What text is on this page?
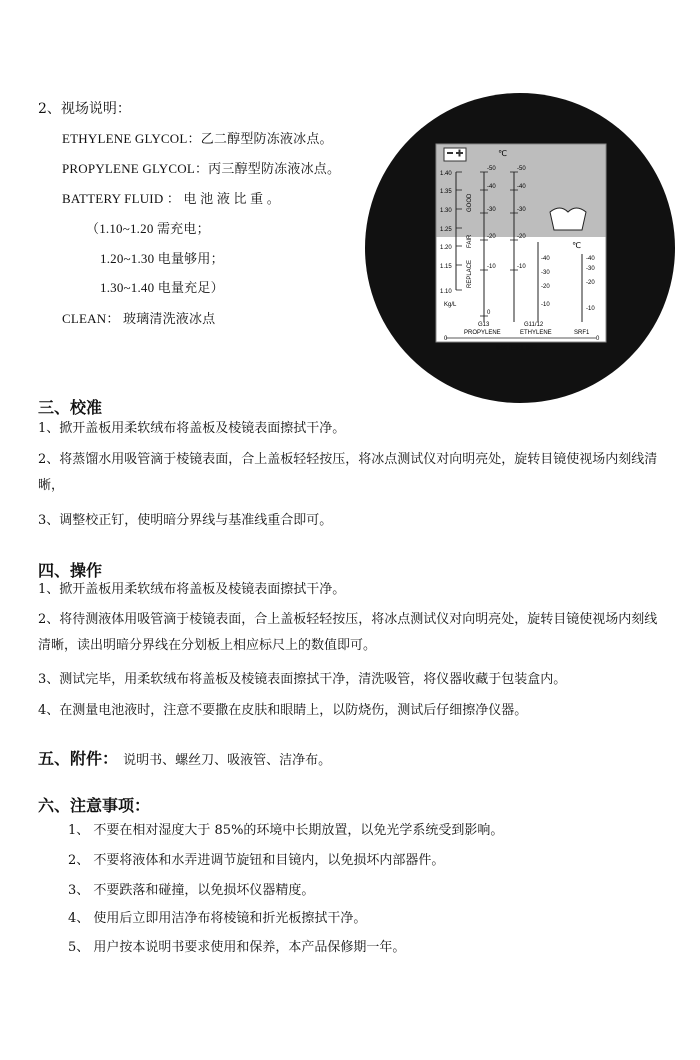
2、视场说明：
ETHYLENE GLYCOL：乙二醇型防冻液冰点。
PROPYLENE GLYCOL：丙三醇型防冻液冰点。
BATTERY FLUID ： 电 池 液 比 重 。
（1.10~1.20 需充电；
1.20~1.30 电量够用；
1.30~1.40 电量充足）
CLEAN： 玻璃清洗液冰点
1.40
1.35
1.30
1.25
1.20
1.15
1.10
GOOD
FAIR
REPLACE
Kg/L
℃
-50
-40
-30
-20
-10
0
-50
-40
-30
-20
-10
-40
-30
-20
-10
℃
-40
-30
-20
-10
G13
PROPYLENE
G11/12
ETHYLENE	SRF1
0	0
WATERLINE
三、校准
1、掀开盖板用柔软绒布将盖板及棱镜表面擦拭干净。
2、将蒸馏水用吸管滴于棱镜表面，合上盖板轻轻按压，将冰点测试仪对向明亮处，旋转目镜使视场内刻线清晰，
3、调整校正钉，使明暗分界线与基准线重合即可。
四、操作
1、掀开盖板用柔软绒布将盖板及棱镜表面擦拭干净。
2、将待测液体用吸管滴于棱镜表面，合上盖板轻轻按压，将冰点测试仪对向明亮处，旋转目镜使视场内刻线清晰，读出明暗分界线在分划板上相应标尺上的数值即可。
3、测试完毕，用柔软绒布将盖板及棱镜表面擦拭干净，清洗吸管，将仪器收藏于包装盒内。
4、在测量电池液时，注意不要撒在皮肤和眼睛上，以防烧伤，测试后仔细擦净仪器。
五、附件： 说明书、螺丝刀、吸液管、洁净布。
六、注意事项：
1、 不要在相对湿度大于 85%的环境中长期放置，以免光学系统受到影响。
2、 不要将液体和水弄进调节旋钮和目镜内，以免损坏内部器件。
3、 不要跌落和碰撞，以免损坏仪器精度。
4、 使用后立即用洁净布将棱镜和折光板擦拭干净。
5、 用户按本说明书要求使用和保养，本产品保修期一年。
